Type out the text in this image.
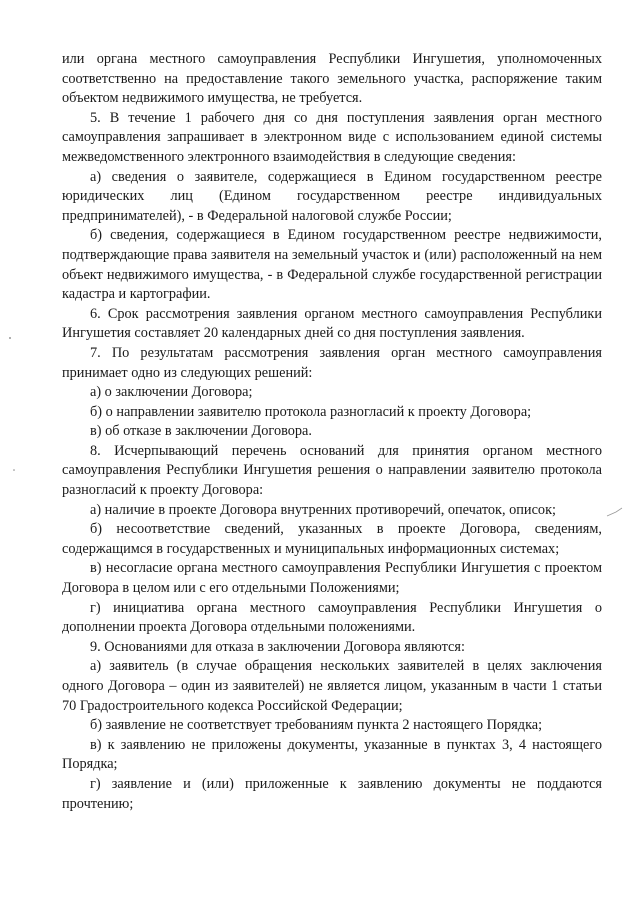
или органа местного самоуправления Республики Ингушетия, уполномоченных соответственно на предоставление такого земельного участка, распоряжение таким объектом недвижимого имущества, не требуется.

5. В течение 1 рабочего дня со дня поступления заявления орган местного самоуправления запрашивает в электронном виде с использованием единой системы межведомственного электронного взаимодействия в следующие сведения:

а) сведения о заявителе, содержащиеся в Едином государственном реестре юридических лиц (Едином государственном реестре индивидуальных предпринимателей), - в Федеральной налоговой службе России;

б) сведения, содержащиеся в Едином государственном реестре недвижимости, подтверждающие права заявителя на земельный участок и (или) расположенный на нем объект недвижимого имущества, - в Федеральной службе государственной регистрации кадастра и картографии.

6. Срок рассмотрения заявления органом местного самоуправления Республики Ингушетия составляет 20 календарных дней со дня поступления заявления.

7. По результатам рассмотрения заявления орган местного самоуправления принимает одно из следующих решений:

а) о заключении Договора;

б) о направлении заявителю протокола разногласий к проекту Договора;

в) об отказе в заключении Договора.

8. Исчерпывающий перечень оснований для принятия органом местного самоуправления Республики Ингушетия решения о направлении заявителю протокола разногласий к проекту Договора:

а) наличие в проекте Договора внутренних противоречий, опечаток, описок;

б) несоответствие сведений, указанных в проекте Договора, сведениям, содержащимся в государственных и муниципальных информационных системах;

в) несогласие органа местного самоуправления Республики Ингушетия с проектом Договора в целом или с его отдельными Положениями;

г) инициатива органа местного самоуправления Республики Ингушетия о дополнении проекта Договора отдельными положениями.

9. Основаниями для отказа в заключении Договора являются:

а) заявитель (в случае обращения нескольких заявителей в целях заключения одного Договора – один из заявителей) не является лицом, указанным в части 1 статьи 70 Градостроительного кодекса Российской Федерации;

б) заявление не соответствует требованиям пункта 2 настоящего Порядка;

в) к заявлению не приложены документы, указанные в пунктах 3, 4 настоящего Порядка;

г) заявление и (или) приложенные к заявлению документы не поддаются прочтению;
